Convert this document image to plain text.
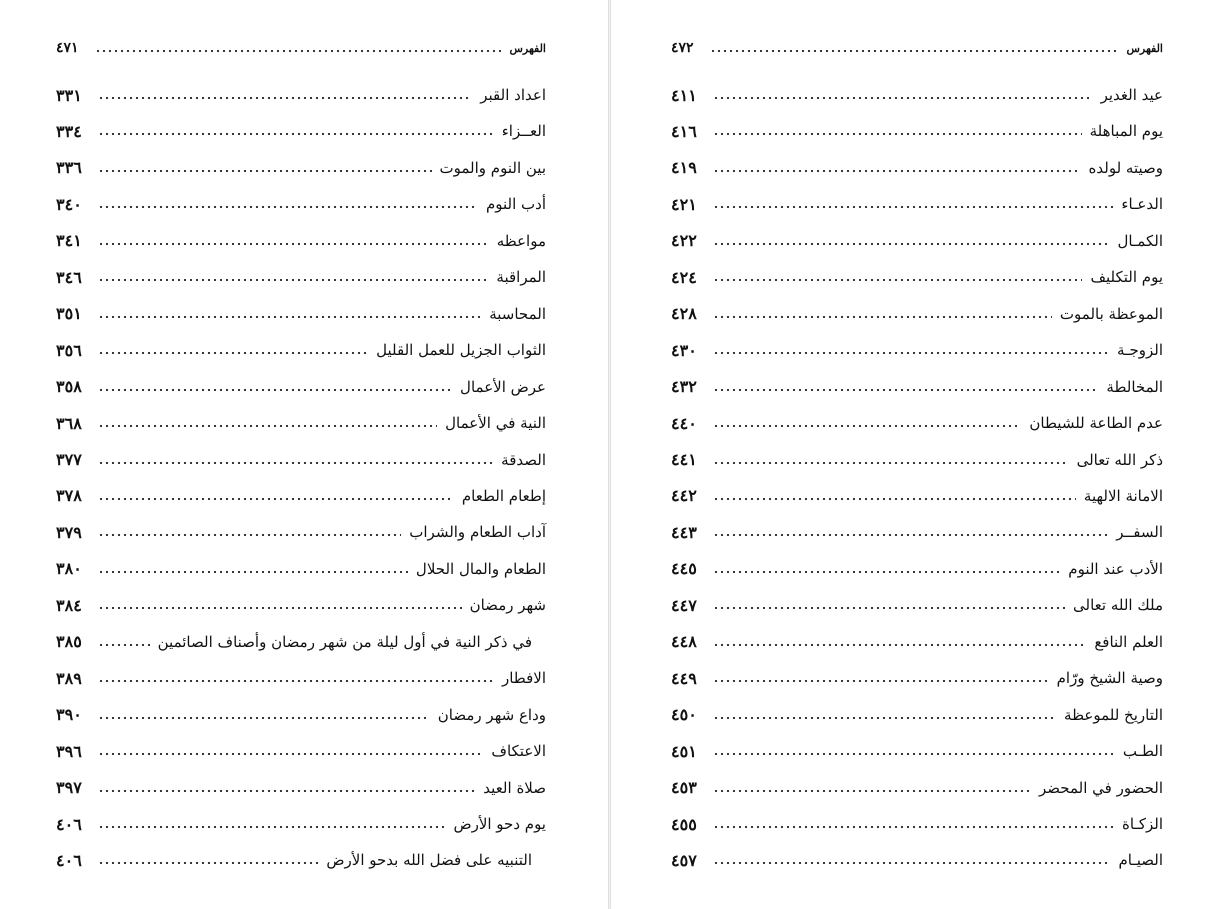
٤٧١	الفهرس
٣٣١	اعداد القبر
٣٣٤	العــزاء
٣٣٦	بين النوم والموت
٣٤٠	أدب النوم
٣٤١	مواعظه
٣٤٦	المراقبة
٣٥١	المحاسبة
٣٥٦	الثواب الجزيل للعمل القليل
٣٥٨	عرض الأعمال
٣٦٨	النية في الأعمال
٣٧٧	الصدقة
٣٧٨	إطعام الطعام
٣٧٩	آداب الطعام والشراب
٣٨٠	الطعام والمال الحلال
٣٨٤	شهر رمضان
٣٨٥	في ذكر النية في أول ليلة من شهر رمضان وأصناف الصائمين
٣٨٩	الافطار
٣٩٠	وداع شهر رمضان
٣٩٦	الاعتكاف
٣٩٧	صلاة العيد
٤٠٦	يوم دحو الأرض
٤٠٦	التنبيه على فضل الله بدحو الأرض
٤٧٢	الفهرس
٤١١	عيد الغدير
٤١٦	يوم المباهلة
٤١٩	وصيته لولده
٤٢١	الدعـاء
٤٢٢	الكمـال
٤٢٤	يوم التكليف
٤٢٨	الموعظة بالموت
٤٣٠	الزوجـة
٤٣٢	المخالطة
٤٤٠	عدم الطاعة للشيطان
٤٤١	ذكر الله تعالى
٤٤٢	الامانة الالهية
٤٤٣	السفــر
٤٤٥	الأدب عند النوم
٤٤٧	ملك الله تعالى
٤٤٨	العلم النافع
٤٤٩	وصية الشيخ ورّام
٤٥٠	التاريخ للموعظة
٤٥١	الطـب
٤٥٣	الحضور في المحضر
٤٥٥	الزكـاة
٤٥٧	الصيـام
